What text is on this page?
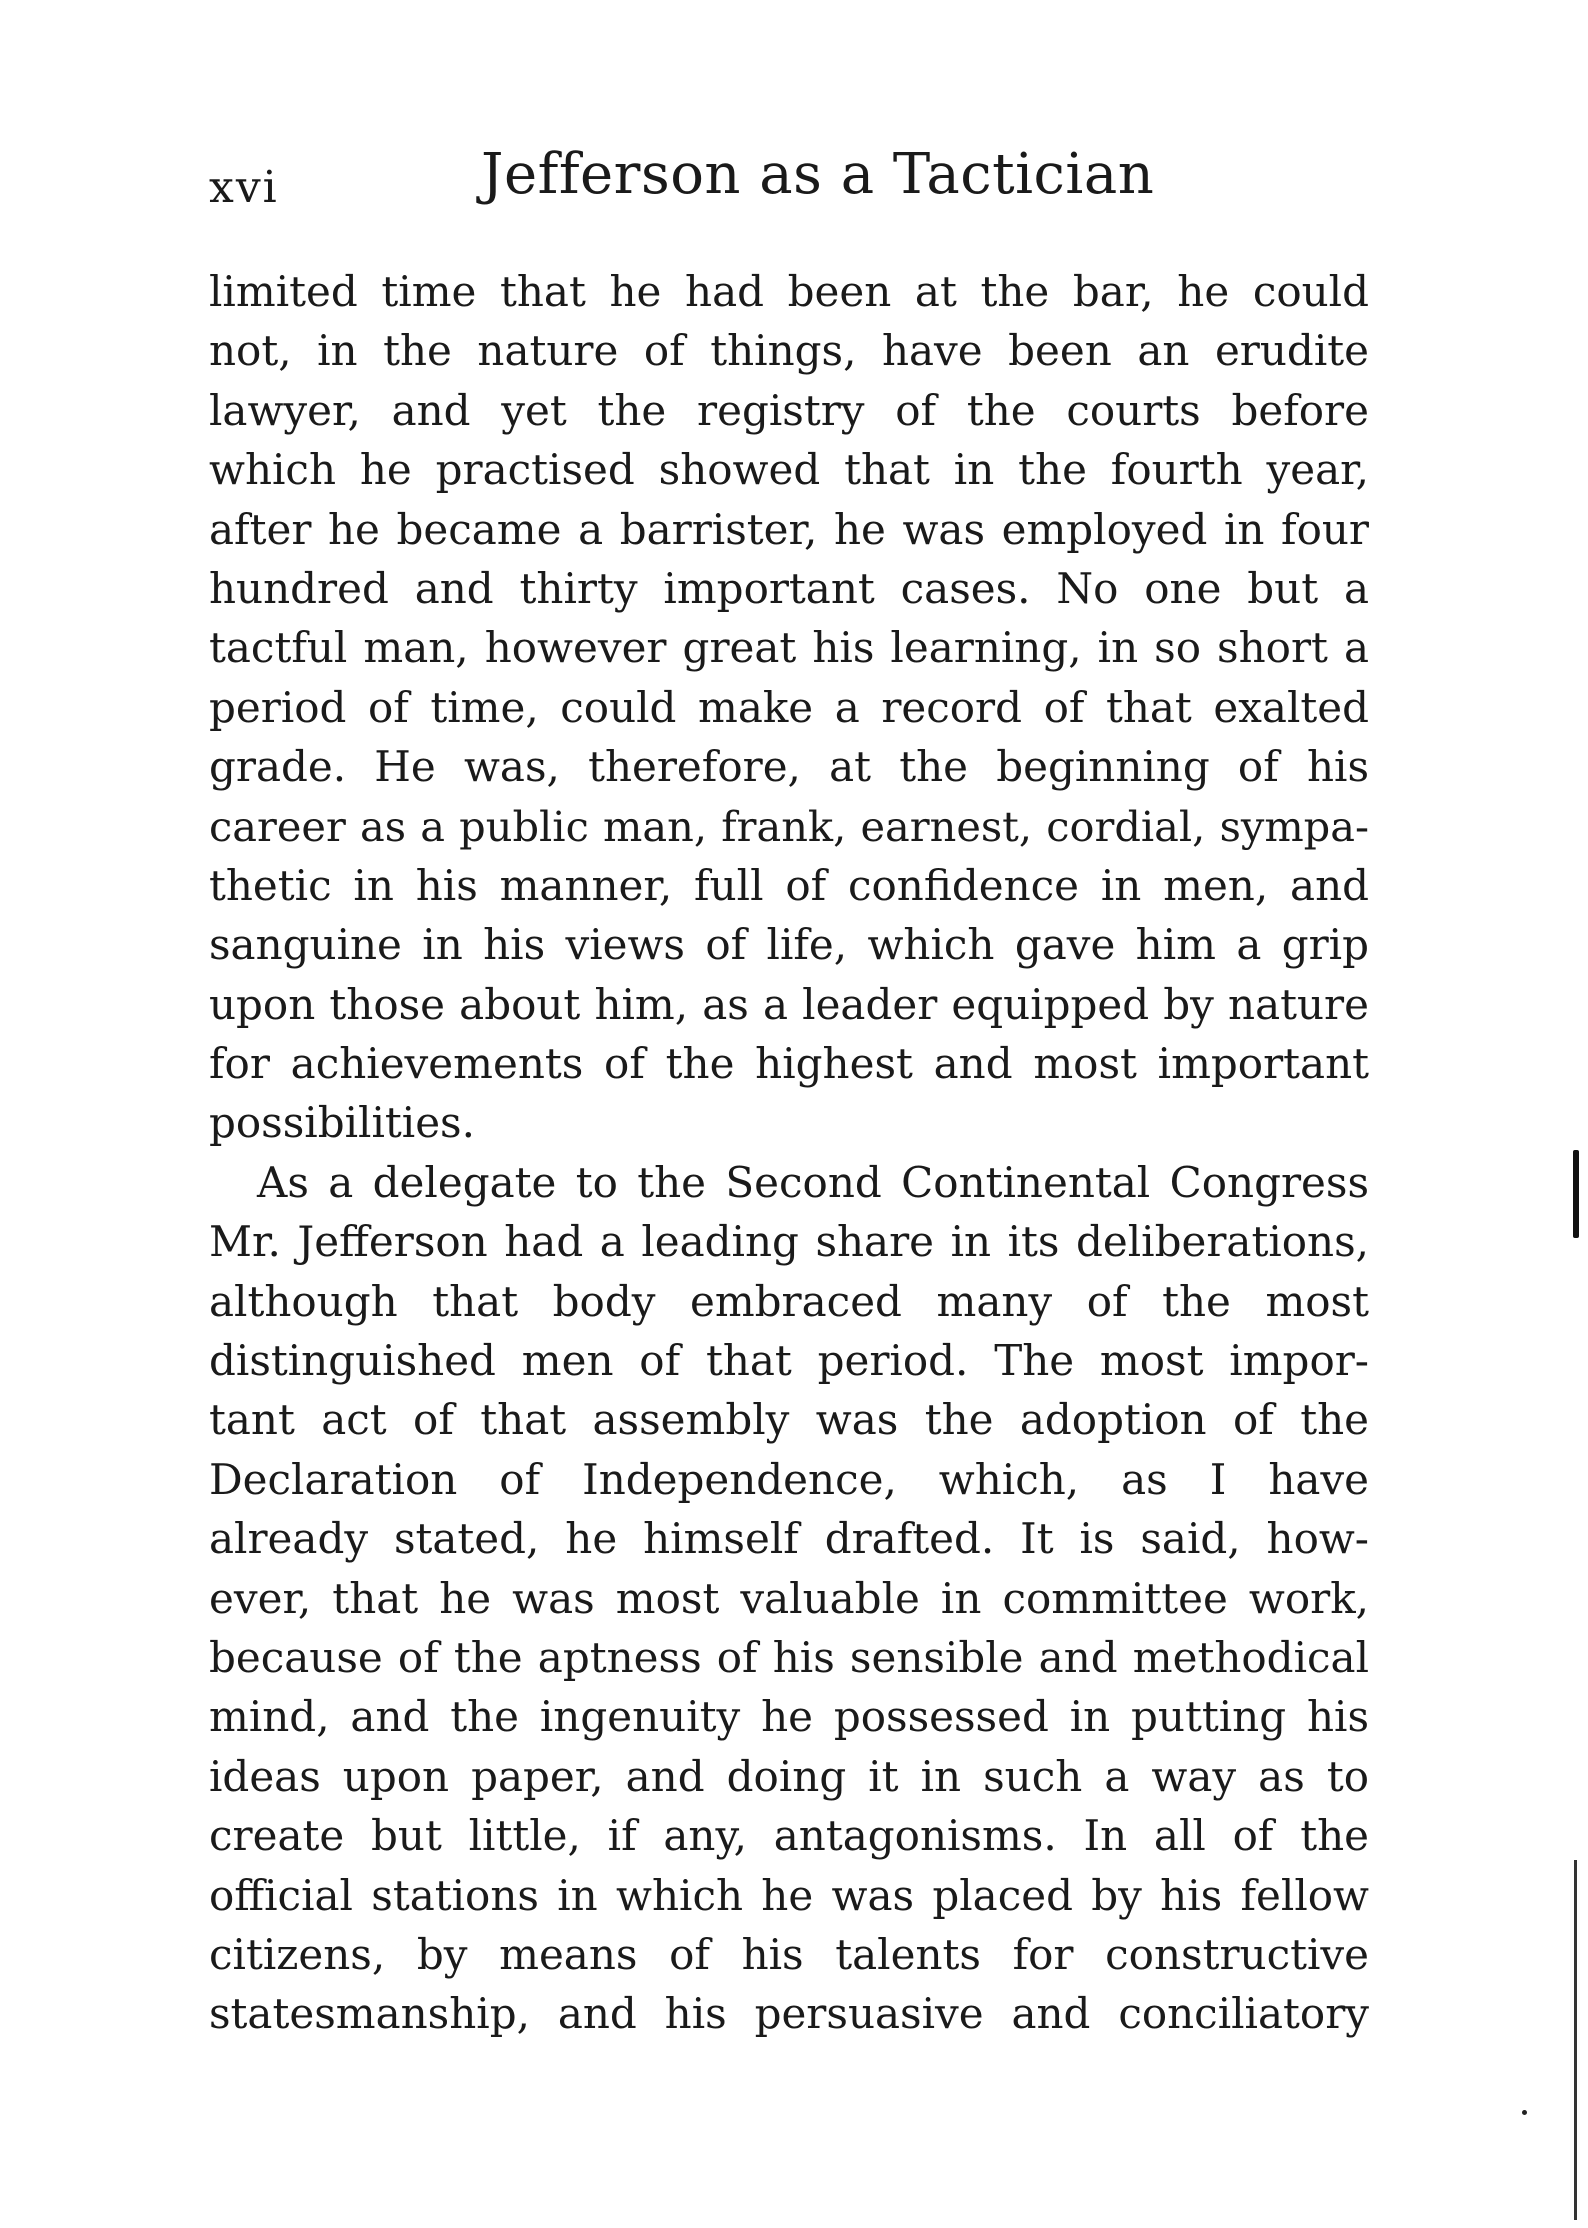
xvi	Jefferson as a Tactician
limited time that he had been at the bar, he could
not, in the nature of things, have been an erudite
lawyer, and yet the registry of the courts before
which he practised showed that in the fourth year,
after he became a barrister, he was employed in four
hundred and thirty important cases. No one but a
tactful man, however great his learning, in so short a
period of time, could make a record of that exalted
grade. He was, therefore, at the beginning of his
career as a public man, frank, earnest, cordial, sympa-
thetic in his manner, full of confidence in men, and
sanguine in his views of life, which gave him a grip
upon those about him, as a leader equipped by nature
for achievements of the highest and most important
possibilities.
As a delegate to the Second Continental Congress
Mr. Jefferson had a leading share in its deliberations,
although that body embraced many of the most
distinguished men of that period. The most impor-
tant act of that assembly was the adoption of the
Declaration of Independence, which, as I have
already stated, he himself drafted. It is said, how-
ever, that he was most valuable in committee work,
because of the aptness of his sensible and methodical
mind, and the ingenuity he possessed in putting his
ideas upon paper, and doing it in such a way as to
create but little, if any, antagonisms. In all of the
official stations in which he was placed by his fellow
citizens, by means of his talents for constructive
statesmanship, and his persuasive and conciliatory
